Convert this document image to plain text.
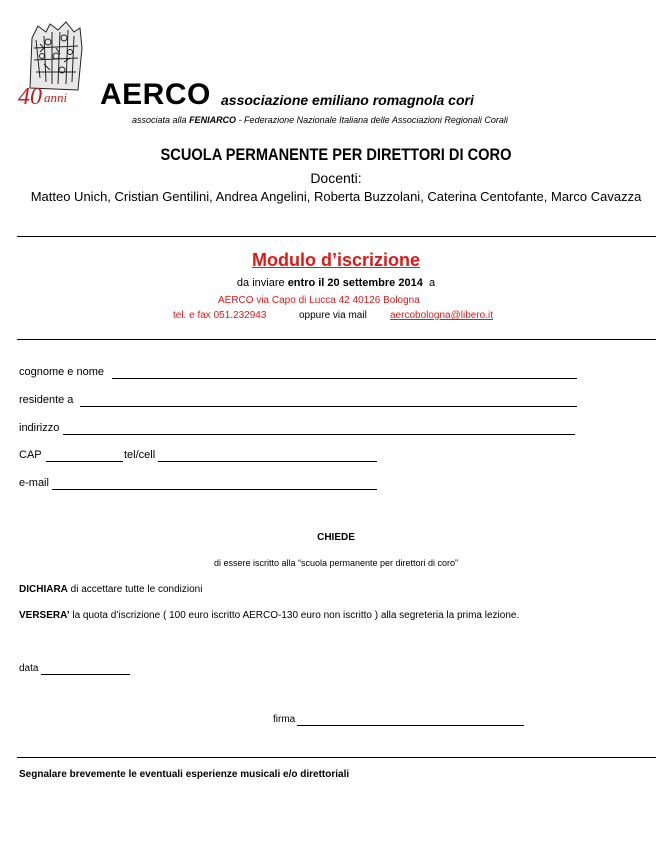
40 anni AERCO associazione emiliano romagnola cori
associata alla FENIARCO - Federazione Nazionale Italiana delle Associazioni Regionali Corali
SCUOLA PERMANENTE PER DIRETTORI DI CORO
Docenti:
Matteo Unich, Cristian Gentilini, Andrea Angelini, Roberta Buzzolani, Caterina Centofante, Marco Cavazza
Modulo d’iscrizione
da inviare entro il 20 settembre 2014 a
AERCO via Capo di Lucca 42 40126 Bologna
tel. e fax 051.232943	oppure via mail aercobologna@libero.it
cognome e nome
residente a
indirizzo
CAP	tel/cell
e-mail
CHIEDE
di essere iscritto alla “scuola permanente per direttori di coro”
DICHIARA di accettare tutte le condizioni
VERSERA’ la quota d’iscrizione ( 100 euro iscritto AERCO-130 euro non iscritto ) alla segreteria la prima lezione.
data
firma
Segnalare brevemente le eventuali esperienze musicali e/o direttoriali
